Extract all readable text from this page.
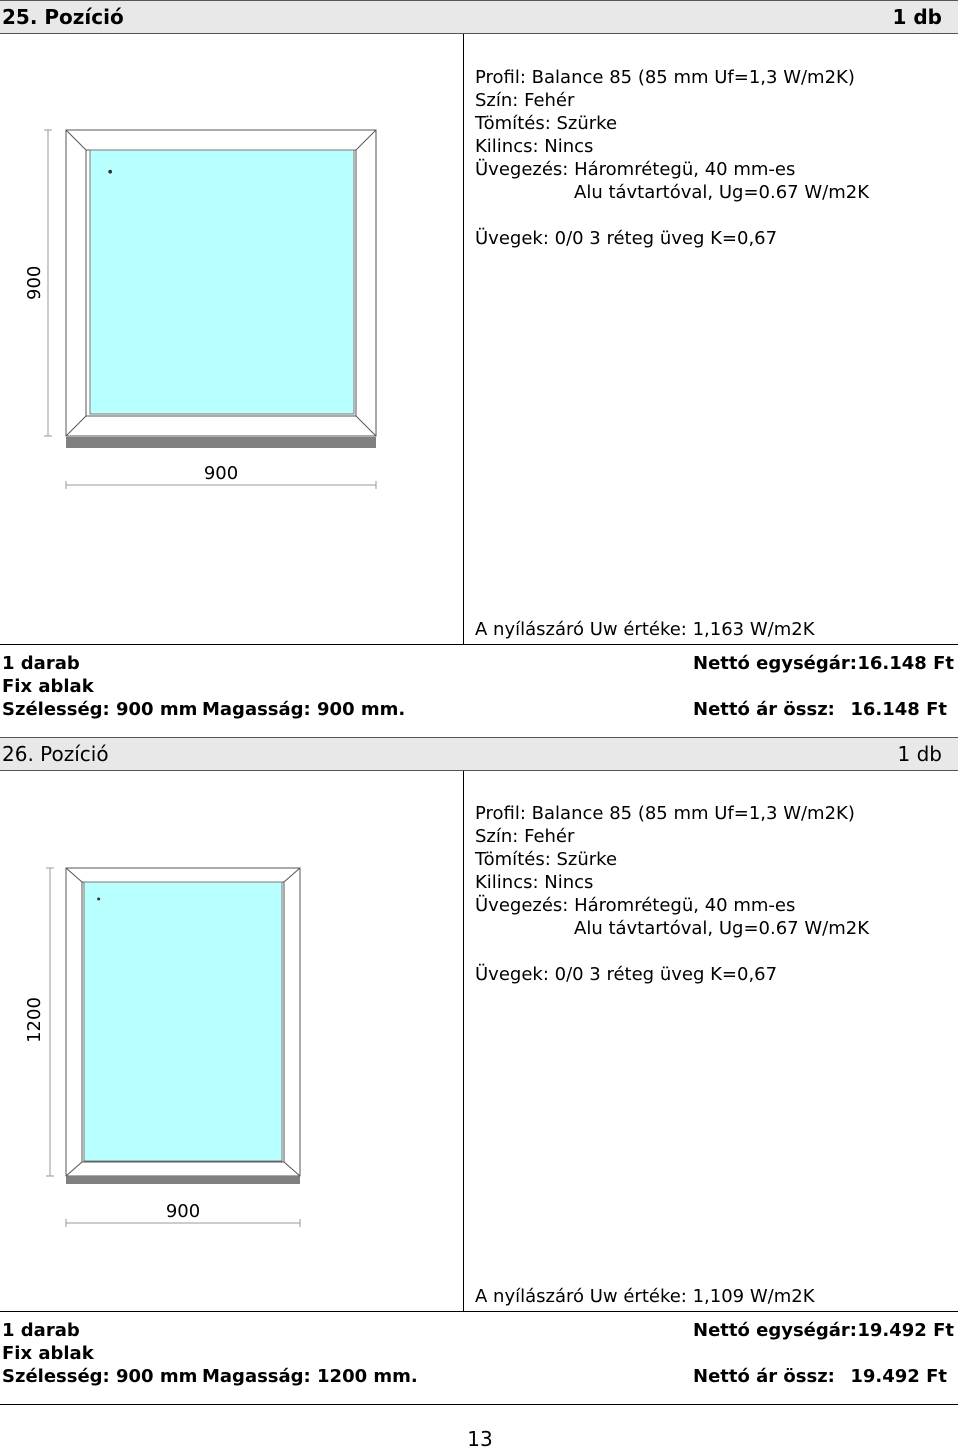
25. Pozíció	1 db
●
900
900
Profil: Balance 85 (85 mm Uf=1,3 W/m2K)
Szín: Fehér
Tömítés: Szürke
Kilincs: Nincs
Üvegezés: Háromrétegü, 40 mm-es
Alu távtartóval, Ug=0.67 W/m2K
Üvegek: 0/0 3 réteg üveg K=0,67
A nyílászáró Uw értéke: 1,163 W/m2K
1 darab
Fix ablak
Szélesség: 900 mm Magasság: 900 mm.
Nettó egységár: 16.148 Ft
Nettó ár össz: 16.148 Ft
26. Pozíció	1 db
●
1200
900
Profil: Balance 85 (85 mm Uf=1,3 W/m2K)
Szín: Fehér
Tömítés: Szürke
Kilincs: Nincs
Üvegezés: Háromrétegü, 40 mm-es
Alu távtartóval, Ug=0.67 W/m2K
Üvegek: 0/0 3 réteg üveg K=0,67
A nyílászáró Uw értéke: 1,109 W/m2K
1 darab
Fix ablak
Szélesség: 900 mm Magasság: 1200 mm.
Nettó egységár: 19.492 Ft
Nettó ár össz: 19.492 Ft
13
